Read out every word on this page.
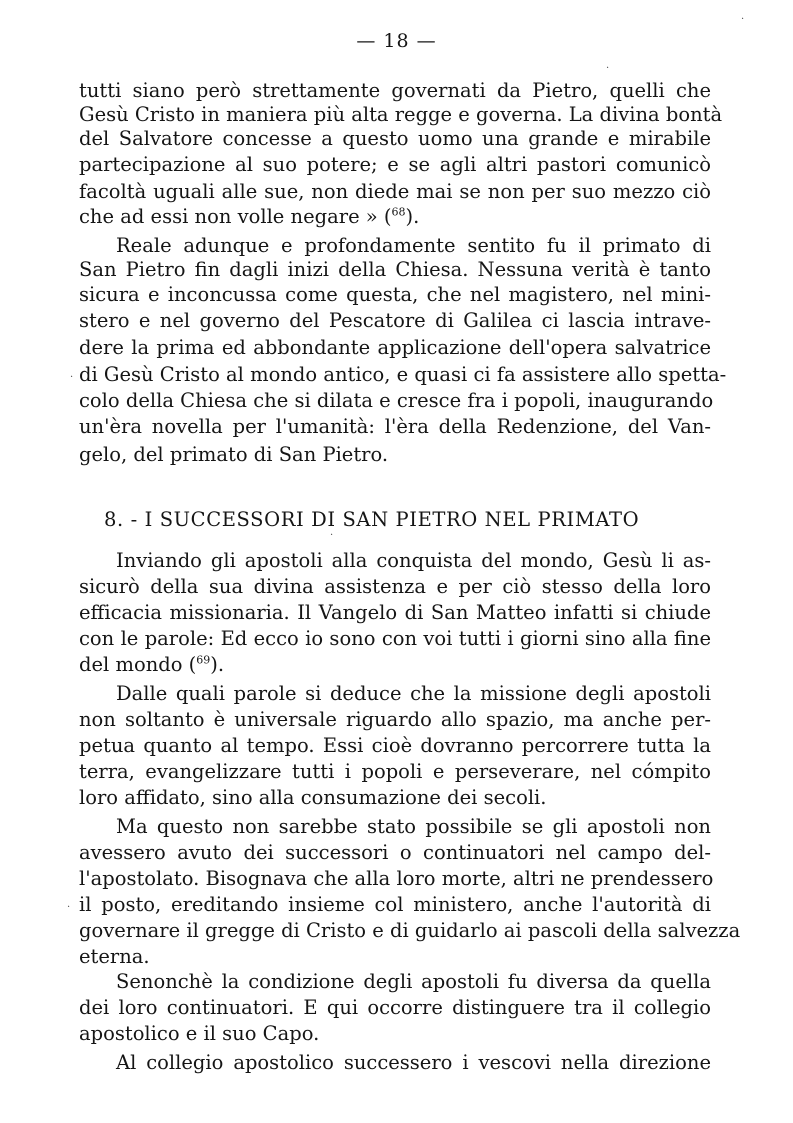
— 18 —
tutti siano però strettamente governati da Pietro, quelli che
Gesù Cristo in maniera più alta regge e governa. La divina bontà
del Salvatore concesse a questo uomo una grande e mirabile
partecipazione al suo potere; e se agli altri pastori comunicò
facoltà uguali alle sue, non diede mai se non per suo mezzo ciò
che ad essi non volle negare » ($^{68}$).
Reale adunque e profondamente sentito fu il primato di
San Pietro fin dagli inizi della Chiesa. Nessuna verità è tanto
sicura e inconcussa come questa, che nel magistero, nel mini-
stero e nel governo del Pescatore di Galilea ci lascia intrave-
dere la prima ed abbondante applicazione dell'opera salvatrice
di Gesù Cristo al mondo antico, e quasi ci fa assistere allo spetta-
colo della Chiesa che si dilata e cresce fra i popoli, inaugurando
un'èra novella per l'umanità: l'èra della Redenzione, del Van-
gelo, del primato di San Pietro.
8. - I SUCCESSORI DI SAN PIETRO NEL PRIMATO
Inviando gli apostoli alla conquista del mondo, Gesù li as-
sicurò della sua divina assistenza e per ciò stesso della loro
efficacia missionaria. Il Vangelo di San Matteo infatti si chiude
con le parole: Ed ecco io sono con voi tutti i giorni sino alla fine
del mondo ($^{69}$).
Dalle quali parole si deduce che la missione degli apostoli
non soltanto è universale riguardo allo spazio, ma anche per-
petua quanto al tempo. Essi cioè dovranno percorrere tutta la
terra, evangelizzare tutti i popoli e perseverare, nel cómpito
loro affidato, sino alla consumazione dei secoli.
Ma questo non sarebbe stato possibile se gli apostoli non
avessero avuto dei successori o continuatori nel campo del-
l'apostolato. Bisognava che alla loro morte, altri ne prendessero
il posto, ereditando insieme col ministero, anche l'autorità di
governare il gregge di Cristo e di guidarlo ai pascoli della salvezza
eterna.
Senonchè la condizione degli apostoli fu diversa da quella
dei loro continuatori. E qui occorre distinguere tra il collegio
apostolico e il suo Capo.
Al collegio apostolico successero i vescovi nella direzione
·
·
·
·
·
